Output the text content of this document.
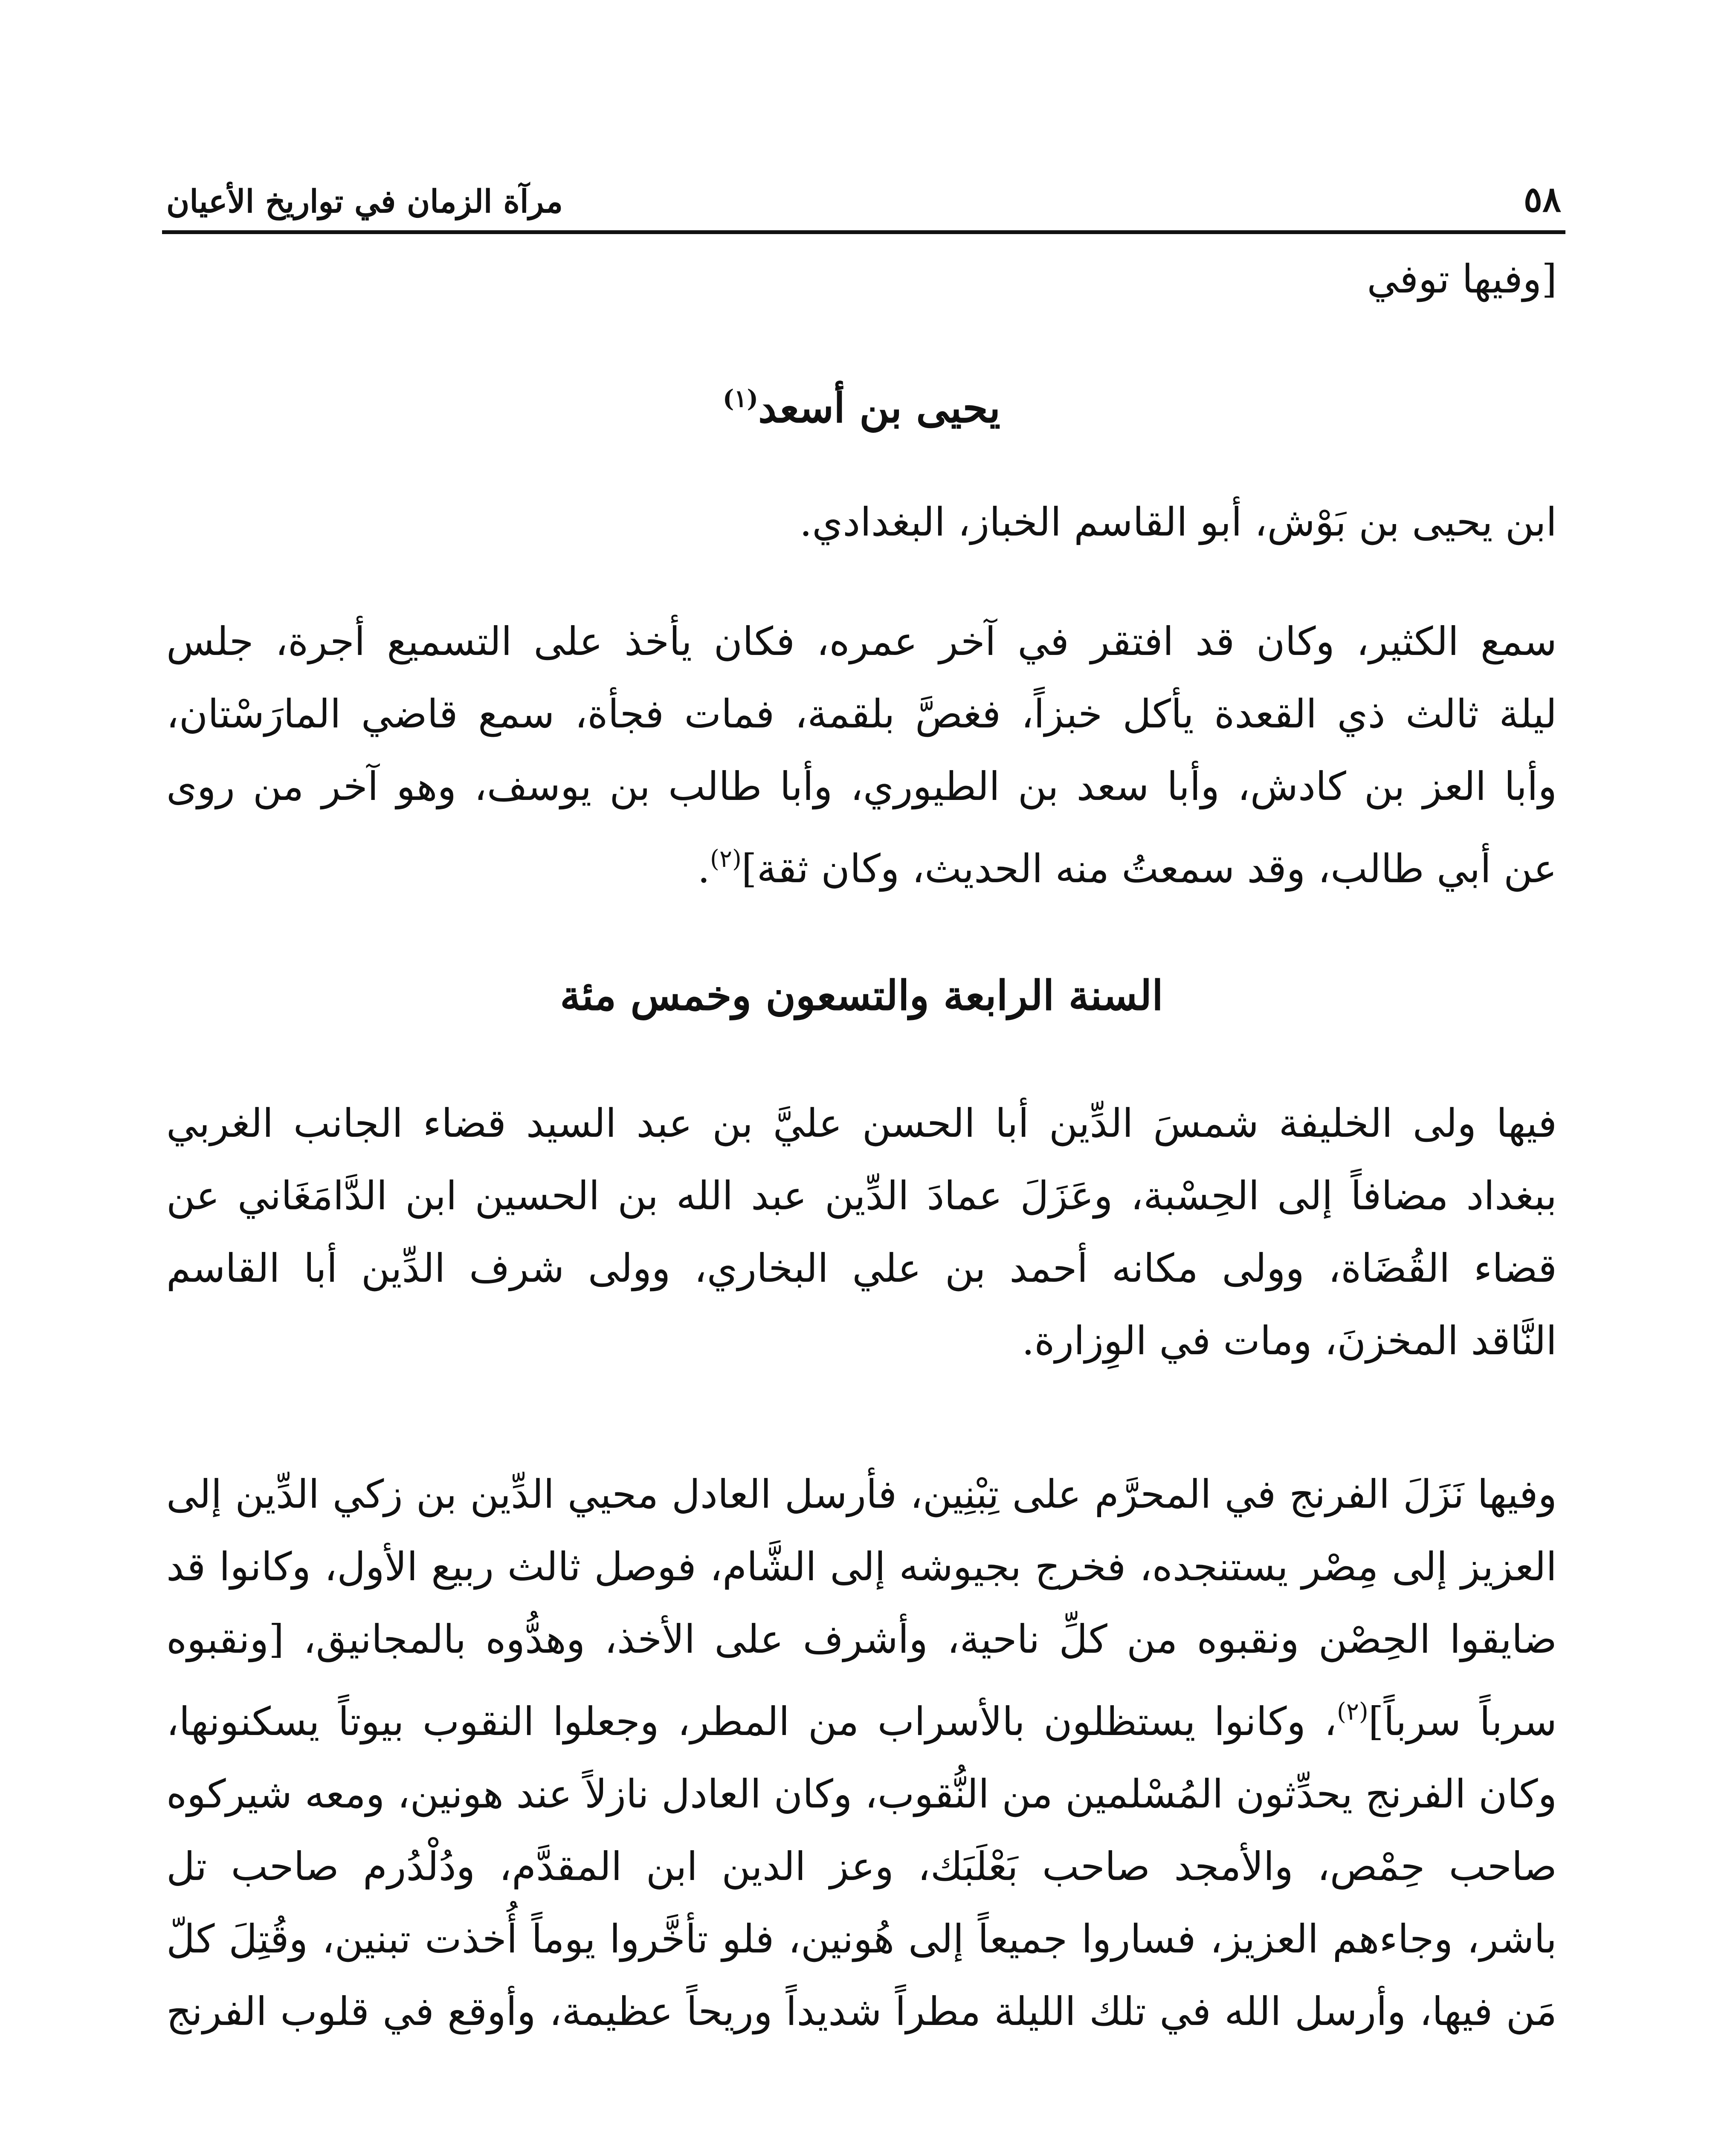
٥٨
مرآة الزمان في تواريخ الأعيان
[وفيها توفي
يحيى بن أسعد$^{(١)}$
ابن يحيى بن بَوْش، أبو القاسم الخباز، البغدادي.
سمع الكثير، وكان قد افتقر في آخر عمره، فكان يأخذ على التسميع أجرة، جلس
ليلة ثالث ذي القعدة يأكل خبزاً، فغصَّ بلقمة، فمات فجأة، سمع قاضي المارَسْتان،
وأبا العز بن كادش، وأبا سعد بن الطيوري، وأبا طالب بن يوسف، وهو آخر من روى
عن أبي طالب، وقد سمعتُ منه الحديث، وكان ثقة]$^{(٢)}$.
السنة الرابعة والتسعون وخمس مئة
فيها ولى الخليفة شمسَ الدِّين أبا الحسن عليَّ بن عبد السيد قضاء الجانب الغربي
ببغداد مضافاً إلى الحِسْبة، وعَزَلَ عمادَ الدِّين عبد الله بن الحسين ابن الدَّامَغَاني عن
قضاء القُضَاة، وولى مكانه أحمد بن علي البخاري، وولى شرف الدِّين أبا القاسم
النَّاقد المخزنَ، ومات في الوِزارة.
وفيها نَزَلَ الفرنج في المحرَّم على تِبْنِين، فأرسل العادل محيي الدِّين بن زكي الدِّين إلى
العزيز إلى مِصْر يستنجده، فخرج بجيوشه إلى الشَّام، فوصل ثالث ربيع الأول، وكانوا قد
ضايقوا الحِصْن ونقبوه من كلِّ ناحية، وأشرف على الأخذ، وهدُّوه بالمجانيق، [ونقبوه
سرباً سرباً]$^{(٢)}$، وكانوا يستظلون بالأسراب من المطر، وجعلوا النقوب بيوتاً يسكنونها،
وكان الفرنج يحدِّثون المُسْلمين من النُّقوب، وكان العادل نازلاً عند هونين، ومعه شيركوه
صاحب حِمْص، والأمجد صاحب بَعْلَبَك، وعز الدين ابن المقدَّم، ودُلْدُرم صاحب تل
باشر، وجاءهم العزيز، فساروا جميعاً إلى هُونين، فلو تأخَّروا يوماً أُخذت تبنين، وقُتِلَ كلّ
مَن فيها، وأرسل الله في تلك الليلة مطراً شديداً وريحاً عظيمة، وأوقع في قلوب الفرنج
